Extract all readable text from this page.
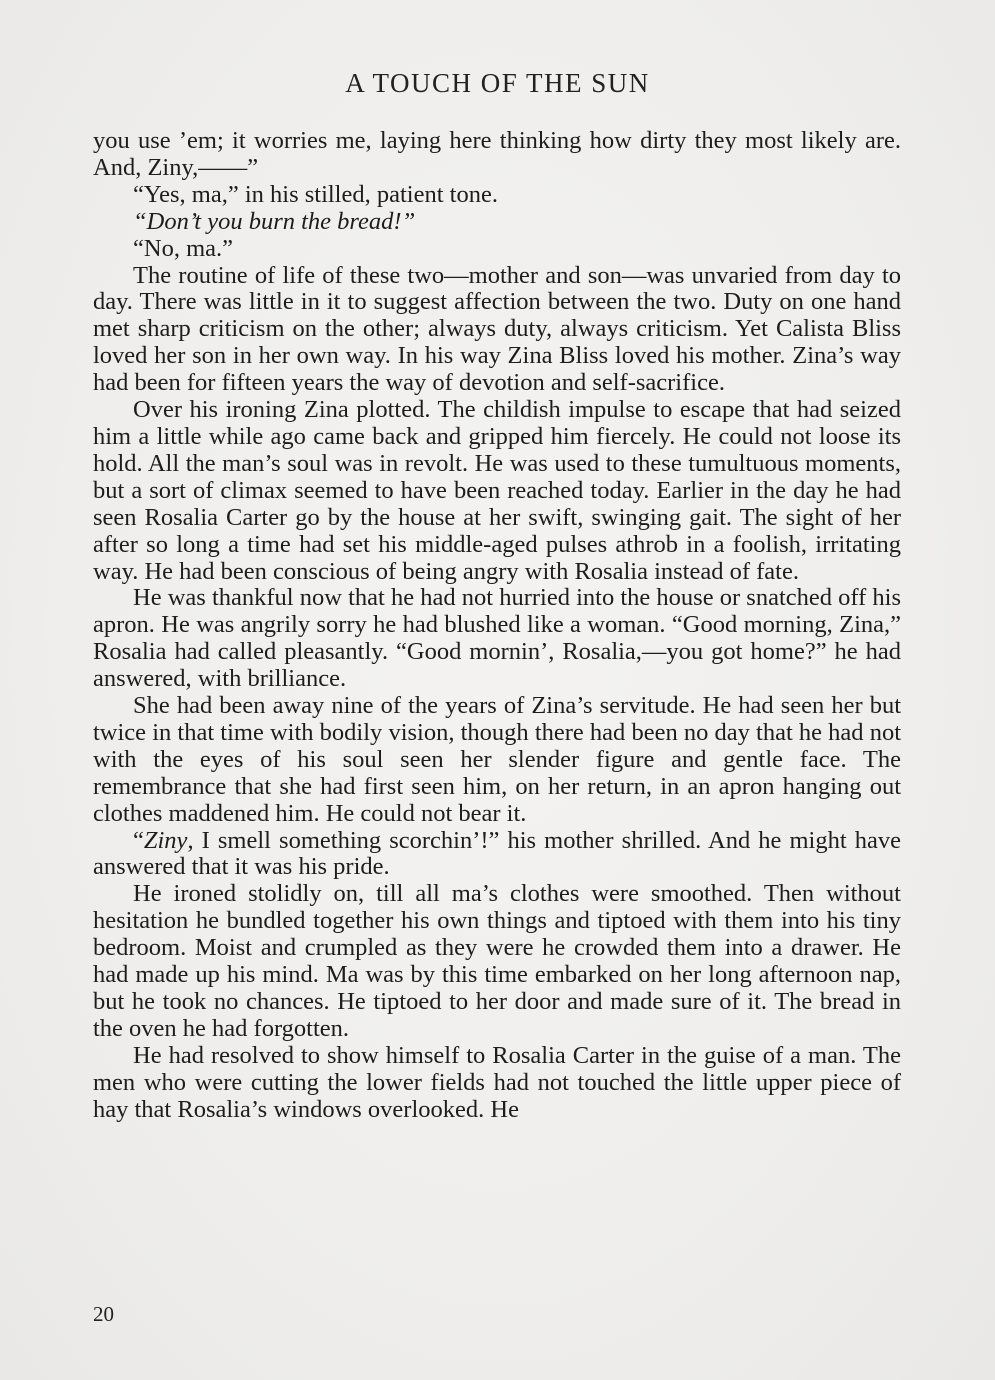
A TOUCH OF THE SUN

you use ’em; it worries me, laying here thinking how dirty they most likely are. And, Ziny,——”

“Yes, ma,” in his stilled, patient tone.

“Don’t you burn the bread!”

“No, ma.”

The routine of life of these two—mother and son—was unvaried from day to day. There was little in it to suggest affection between the two. Duty on one hand met sharp criticism on the other; always duty, always criticism. Yet Calista Bliss loved her son in her own way. In his way Zina Bliss loved his mother. Zina’s way had been for fifteen years the way of devotion and self-sacrifice.

Over his ironing Zina plotted. The childish impulse to escape that had seized him a little while ago came back and gripped him fiercely. He could not loose its hold. All the man’s soul was in revolt. He was used to these tumultuous moments, but a sort of climax seemed to have been reached today. Earlier in the day he had seen Rosalia Carter go by the house at her swift, swinging gait. The sight of her after so long a time had set his middle-aged pulses athrob in a foolish, irritating way. He had been conscious of being angry with Rosalia instead of fate.

He was thankful now that he had not hurried into the house or snatched off his apron. He was angrily sorry he had blushed like a woman. “Good morning, Zina,” Rosalia had called pleasantly. “Good mornin’, Rosalia,—you got home?” he had answered, with brilliance.

She had been away nine of the years of Zina’s servitude. He had seen her but twice in that time with bodily vision, though there had been no day that he had not with the eyes of his soul seen her slender figure and gentle face. The remembrance that she had first seen him, on her return, in an apron hanging out clothes maddened him. He could not bear it.

“Ziny, I smell something scorchin’!” his mother shrilled. And he might have answered that it was his pride.

He ironed stolidly on, till all ma’s clothes were smoothed. Then without hesitation he bundled together his own things and tiptoed with them into his tiny bedroom. Moist and crumpled as they were he crowded them into a drawer. He had made up his mind. Ma was by this time embarked on her long afternoon nap, but he took no chances. He tiptoed to her door and made sure of it. The bread in the oven he had forgotten.

He had resolved to show himself to Rosalia Carter in the guise of a man. The men who were cutting the lower fields had not touched the little upper piece of hay that Rosalia’s windows overlooked. He

20
